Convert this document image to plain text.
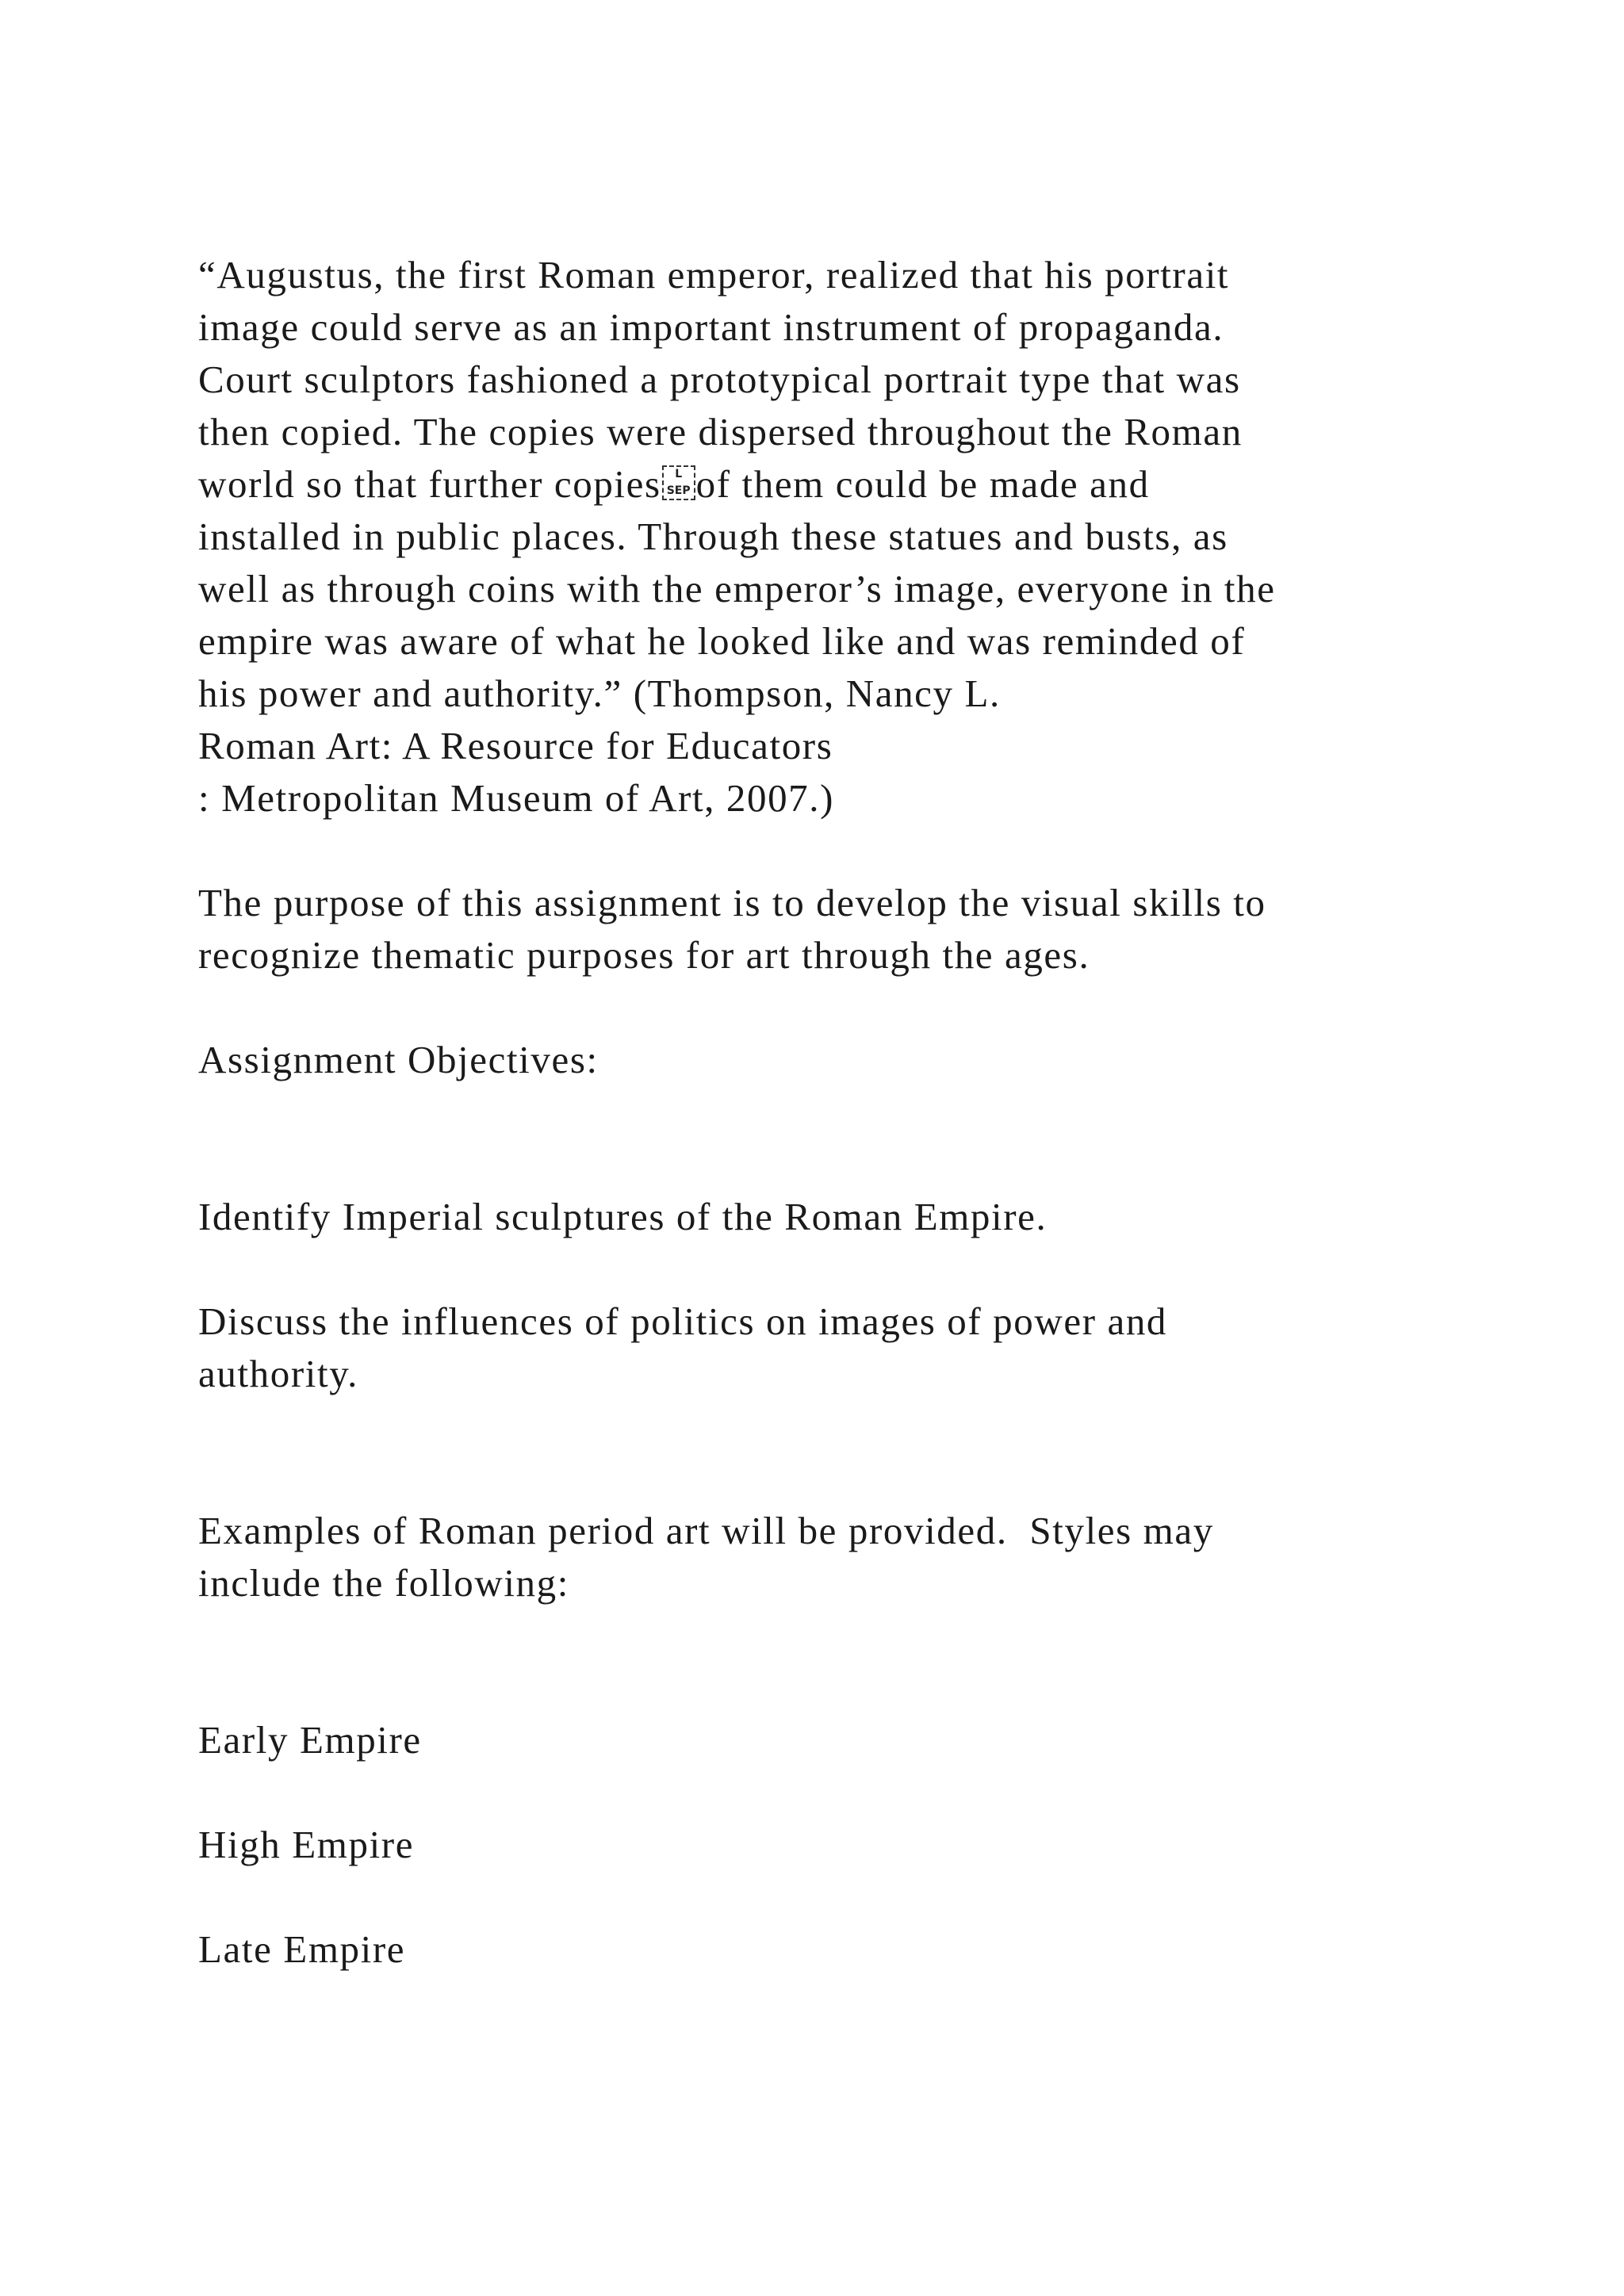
“Augustus, the first Roman emperor, realized that his portrait

image could serve as an important instrument of propaganda.

Court sculptors fashioned a prototypical portrait type that was

then copied. The copies were dispersed throughout the Roman

world so that further copies	L
SEP of them could be made and

installed in public places. Through these statues and busts, as

well as through coins with the emperor’s image, everyone in the

empire was aware of what he looked like and was reminded of

his power and authority.” (Thompson, Nancy L.

Roman Art: A Resource for Educators

: Metropolitan Museum of Art, 2007.)

The purpose of this assignment is to develop the visual skills to

recognize thematic purposes for art through the ages.

Assignment Objectives:

Identify Imperial sculptures of the Roman Empire.

Discuss the influences of politics on images of power and

authority.

Examples of Roman period art will be provided.  Styles may

include the following:

Early Empire

High Empire

Late Empire
